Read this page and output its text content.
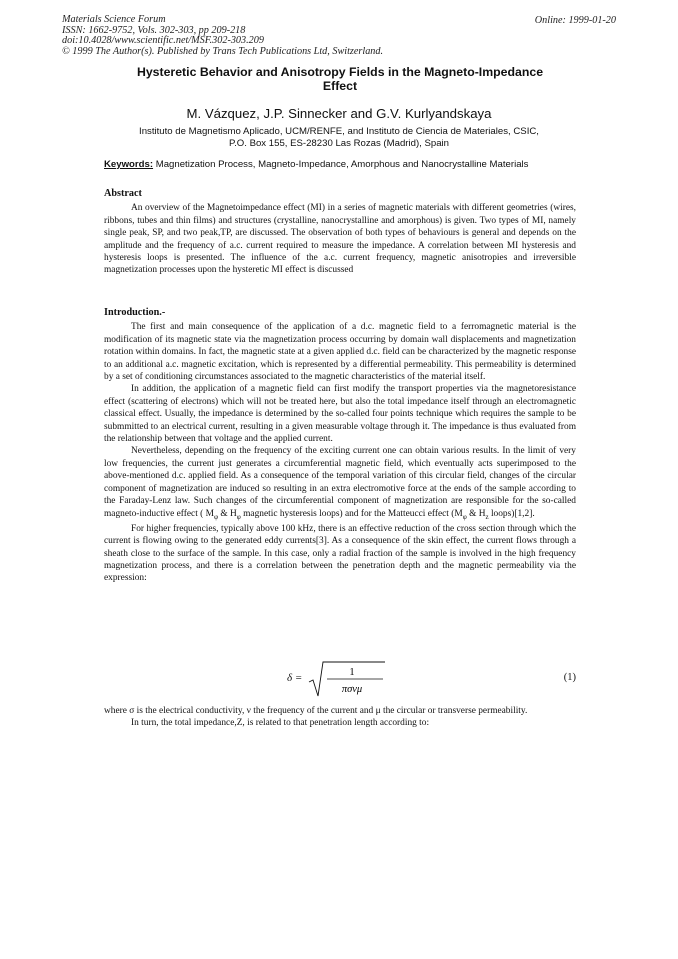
Materials Science Forum
ISSN: 1662-9752, Vols. 302-303, pp 209-218
doi:10.4028/www.scientific.net/MSF.302-303.209
© 1999 The Author(s). Published by Trans Tech Publications Ltd, Switzerland.
Online: 1999-01-20
Hysteretic Behavior and Anisotropy Fields in the Magneto-Impedance
Effect
M. Vázquez, J.P. Sinnecker and G.V. Kurlyandskaya
Instituto de Magnetismo Aplicado, UCM/RENFE, and Instituto de Ciencia de Materiales, CSIC,
P.O. Box 155, ES-28230 Las Rozas (Madrid), Spain
Keywords: Magnetization Process, Magneto-Impedance, Amorphous and Nanocrystalline Materials
Abstract

An overview of the Magnetoimpedance effect (MI) in a series of magnetic materials with different geometries (wires, ribbons, tubes and thin films) and structures (crystalline, nanocrystalline and amorphous) is given. Two types of MI, namely single peak, SP, and two peak,TP, are discussed. The observation of both types of behaviours is general and depends on the amplitude and the frequency of a.c. current required to measure the impedance. A correlation between MI hysteresis and hysteresis loops is presented. The influence of the a.c. current frequency, magnetic anisotropies and irreversible magnetization processes upon the hysteretic MI effect is discussed

Introduction.-

The first and main consequence of the application of a d.c. magnetic field to a ferromagnetic material is the modification of its magnetic state via the magnetization process occurring by domain wall displacements and magnetization rotation within domains. In fact, the magnetic state at a given applied d.c. field can be characterized by the magnetic response to an additional a.c. magnetic excitation, which is represented by a differential permeability. This permeability is determined by a set of conditioning circumstances associated to the magnetic characteristics of the material itself.

In addition, the application of a magnetic field can first modify the transport properties via the magnetoresistance effect (scattering of electrons) which will not be treated here, but also the total impedance itself through an electromagnetic classical effect. Usually, the impedance is determined by the so-called four points technique which requires the sample to be submmitted to an electrical current, resulting in a given measurable voltage through it. The impedance is thus evaluated from the relationship between that voltage and the applied current.

Nevertheless, depending on the frequency of the exciting current one can obtain various results. In the limit of very low frequencies, the current just generates a circumferential magnetic field, which eventually acts superimposed to the above-mentioned d.c. applied field. As a consequence of the temporal variation of this circular field, changes of the circular component of magnetization are induced so resulting in an extra electromotive force at the ends of the sample according to the Faraday-Lenz law. Such changes of the circumferential component of magnetization are responsible for the so-called magneto-inductive effect ( $M_\varphi$ & $H_\varphi$ magnetic hysteresis loops) and for the Matteucci effect ($M_\varphi$ & $H_z$ loops)[1,2].

For higher frequencies, typically above 100 kHz, there is an effective reduction of the cross section through which the current is flowing owing to the generated eddy currents[3]. As a consequence of the skin effect, the current flows through a sheath close to the surface of the sample. In this case, only a radial fraction of the sample is involved in the high frequency magnetization process, and there is a correlation between the penetration depth and the magnetic permeability via the expression:

δ =	1
πσνμ
(1)
where σ is the electrical conductivity, ν the frequency of the current and μ the circular or transverse permeability.

In turn, the total impedance,Z, is related to that penetration length according to:
